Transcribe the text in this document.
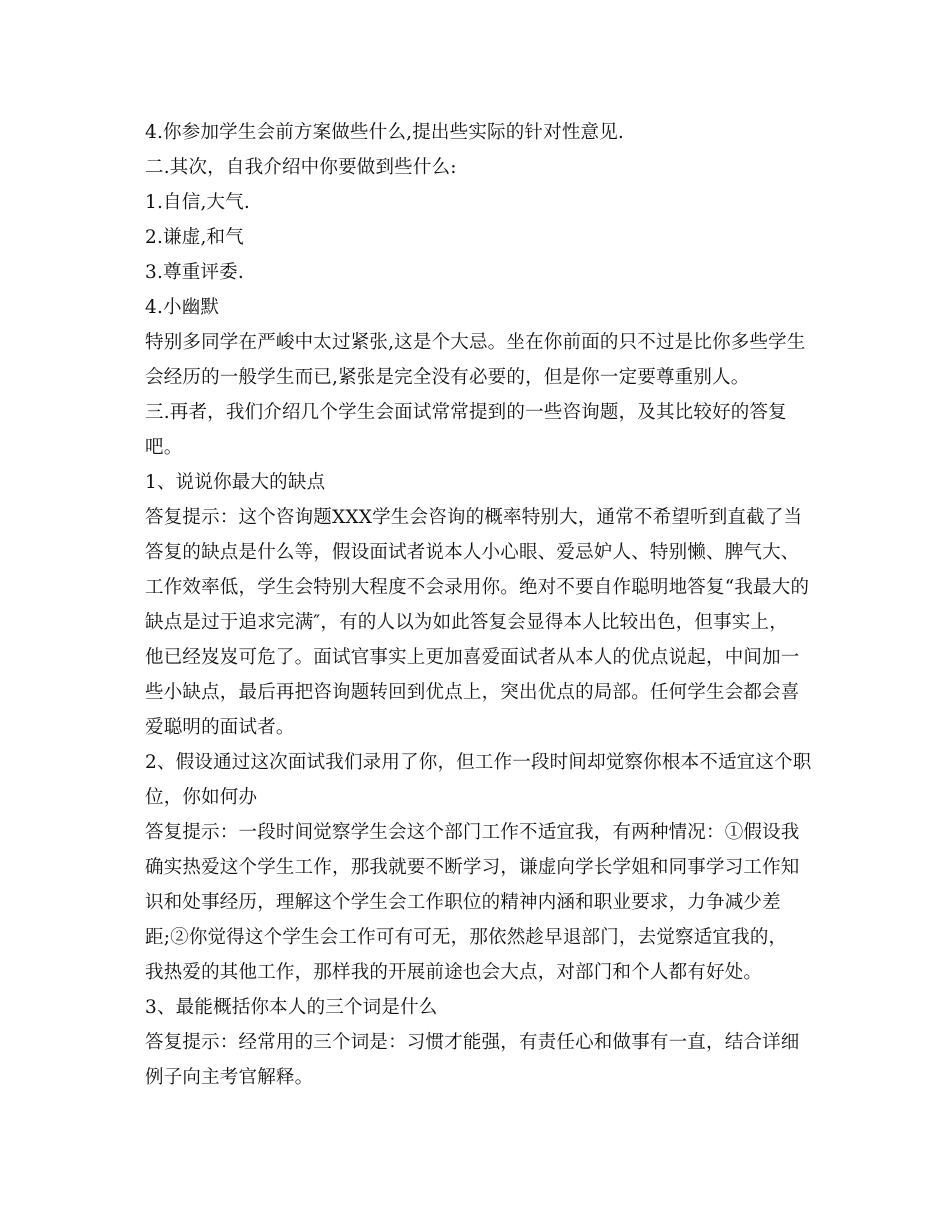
4.你参加学生会前方案做些什么,提出些实际的针对性意见.
二.其次，自我介绍中你要做到些什么:
1.自信,大气.
2.谦虚,和气
3.尊重评委.
4.小幽默
特别多同学在严峻中太过紧张,这是个大忌。坐在你前面的只不过是比你多些学生
会经历的一般学生而已,紧张是完全没有必要的，但是你一定要尊重别人。
三.再者，我们介绍几个学生会面试常常提到的一些咨询题，及其比较好的答复
吧。
1、说说你最大的缺点
答复提示：这个咨询题XXX学生会咨询的概率特别大，通常不希望听到直截了当
答复的缺点是什么等，假设面试者说本人小心眼、爱忌妒人、特别懒、脾气大、
工作效率低，学生会特别大程度不会录用你。绝对不要自作聪明地答复“我最大的
缺点是过于追求完满″，有的人以为如此答复会显得本人比较出色，但事实上，
他已经岌岌可危了。面试官事实上更加喜爱面试者从本人的优点说起，中间加一
些小缺点，最后再把咨询题转回到优点上，突出优点的局部。任何学生会都会喜
爱聪明的面试者。
2、假设通过这次面试我们录用了你，但工作一段时间却觉察你根本不适宜这个职
位，你如何办
答复提示：一段时间觉察学生会这个部门工作不适宜我，有两种情况：①假设我
确实热爱这个学生工作，那我就要不断学习，谦虚向学长学姐和同事学习工作知
识和处事经历，理解这个学生会工作职位的精神内涵和职业要求，力争减少差
距;②你觉得这个学生会工作可有可无，那依然趁早退部门，去觉察适宜我的，
我热爱的其他工作，那样我的开展前途也会大点，对部门和个人都有好处。
3、最能概括你本人的三个词是什么
答复提示：经常用的三个词是：习惯才能强，有责任心和做事有一直，结合详细
例子向主考官解释。
